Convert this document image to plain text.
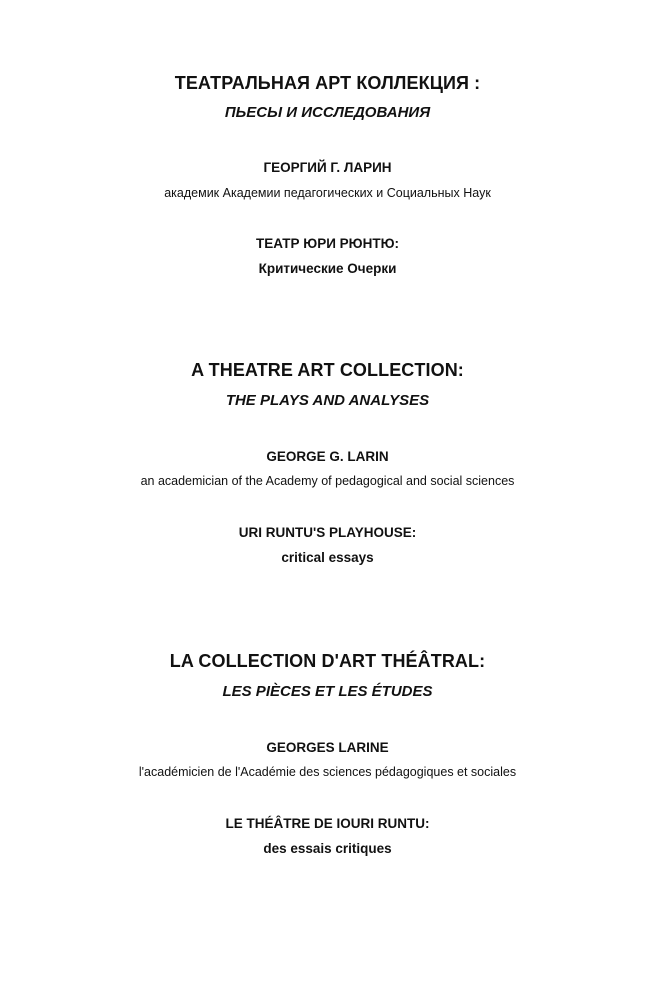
ТЕАТРАЛЬНАЯ АРТ КОЛЛЕКЦИЯ :
ПЬЕСЫ И ИССЛЕДОВАНИЯ
ГЕОРГИЙ Г. ЛАРИН
академик Академии педагогических и Социальных Наук
ТЕАТР ЮРИ РЮНТЮ:
Критические Очерки
A THEATRE ART COLLECTION:
THE PLAYS AND ANALYSES
GEORGE G. LARIN
an academician of the Academy of pedagogical and social sciences
URI RUNTU'S PLAYHOUSE:
critical essays
LA COLLECTION D'ART THÉÂTRAL:
LES PIÈCES ET LES ÉTUDES
GEORGES LARINE
l'académicien de l'Académie des sciences pédagogiques et sociales
LE THÉÂTRE DE IOURI RUNTU:
des essais critiques
